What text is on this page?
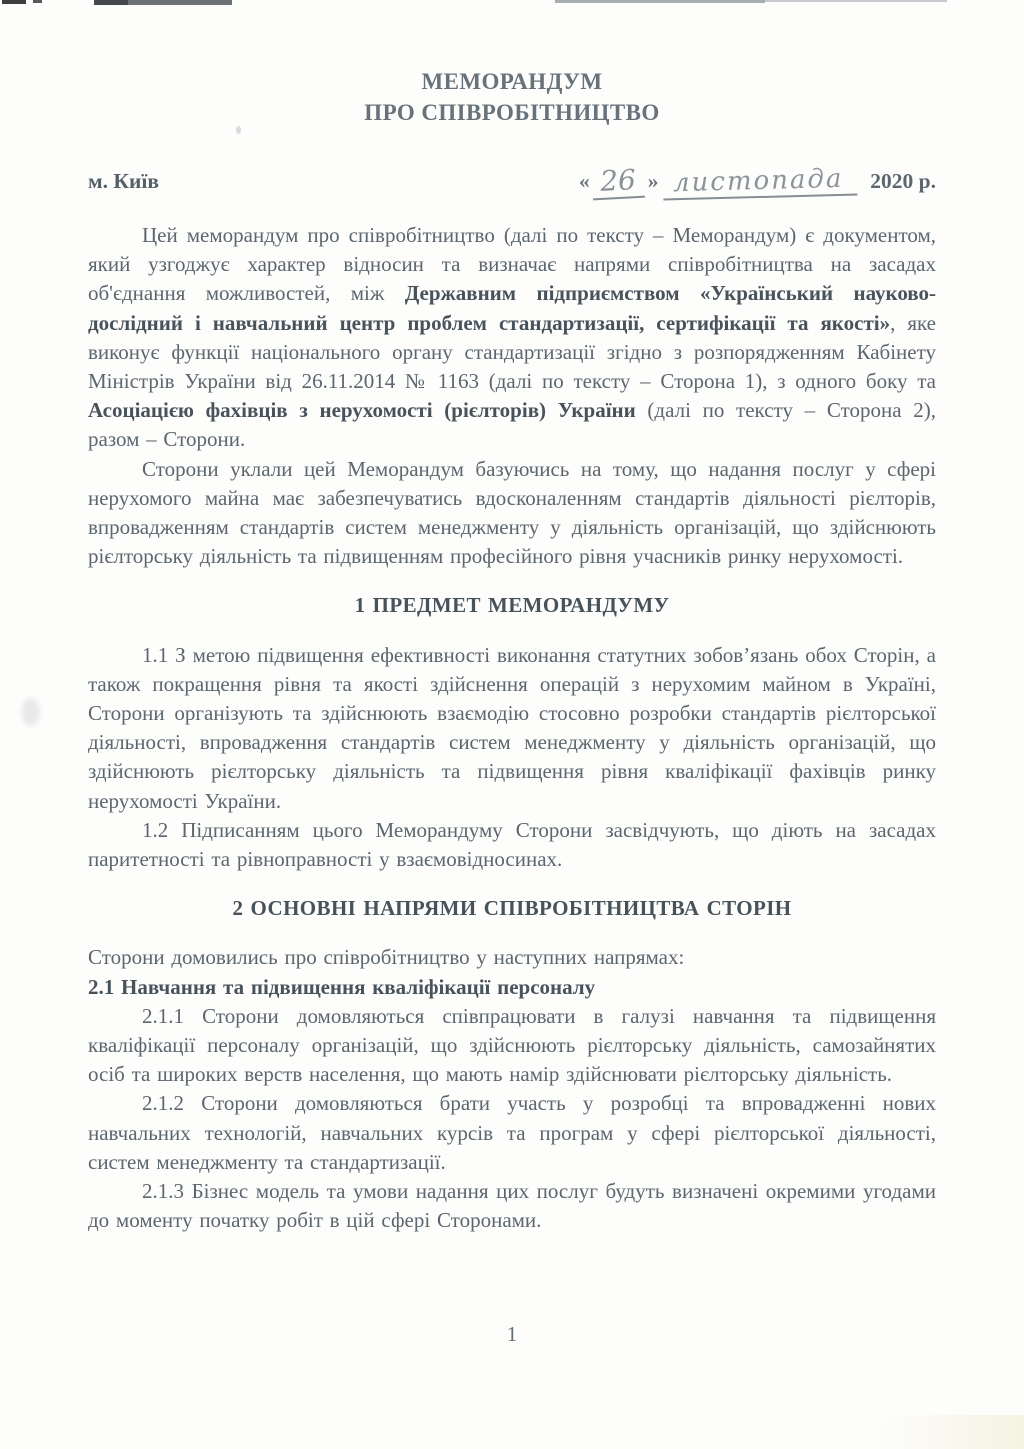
МЕМОРАНДУМ
ПРО СПІВРОБІТНИЦТВО
м. Київ	« 26 » листопада 2020 р.

Цей меморандум про співробітництво (далі по тексту – Меморандум) є документом, який узгоджує характер відносин та визначає напрями співробітництва на засадах об'єднання можливостей, між Державним підприємством «Український науково-дослідний і навчальний центр проблем стандартизації, сертифікації та якості», яке виконує функції національного органу стандартизації згідно з розпорядженням Кабінету Міністрів України від 26.11.2014 № 1163 (далі по тексту – Сторона 1), з одного боку та Асоціацією фахівців з нерухомості (рієлторів) України (далі по тексту – Сторона 2), разом – Сторони.

Сторони уклали цей Меморандум базуючись на тому, що надання послуг у сфері нерухомого майна має забезпечуватись вдосконаленням стандартів діяльності рієлторів, впровадженням стандартів систем менеджменту у діяльність організацій, що здійснюють рієлторську діяльність та підвищенням професійного рівня учасників ринку нерухомості.

1 ПРЕДМЕТ МЕМОРАНДУМУ

1.1 З метою підвищення ефективності виконання статутних зобов’язань обох Сторін, а також покращення рівня та якості здійснення операцій з нерухомим майном в Україні, Сторони організують та здійснюють взаємодію стосовно розробки стандартів рієлторської діяльності, впровадження стандартів систем менеджменту у діяльність організацій, що здійснюють рієлторську діяльність та підвищення рівня кваліфікації фахівців ринку нерухомості України.

1.2 Підписанням цього Меморандуму Сторони засвідчують, що діють на засадах паритетності та рівноправності у взаємовідносинах.

2 ОСНОВНІ НАПРЯМИ СПІВРОБІТНИЦТВА СТОРІН

Сторони домовились про співробітництво у наступних напрямах:

2.1 Навчання та підвищення кваліфікації персоналу

2.1.1 Сторони домовляються співпрацювати в галузі навчання та підвищення кваліфікації персоналу організацій, що здійснюють рієлторську діяльність, самозайнятих осіб та широких верств населення, що мають намір здійснювати рієлторську діяльність.

2.1.2 Сторони домовляються брати участь у розробці та впровадженні нових навчальних технологій, навчальних курсів та програм у сфері рієлторської діяльності, систем менеджменту та стандартизації.

2.1.3 Бізнес модель та умови надання цих послуг будуть визначені окремими угодами до моменту початку робіт в цій сфері Сторонами.

1
